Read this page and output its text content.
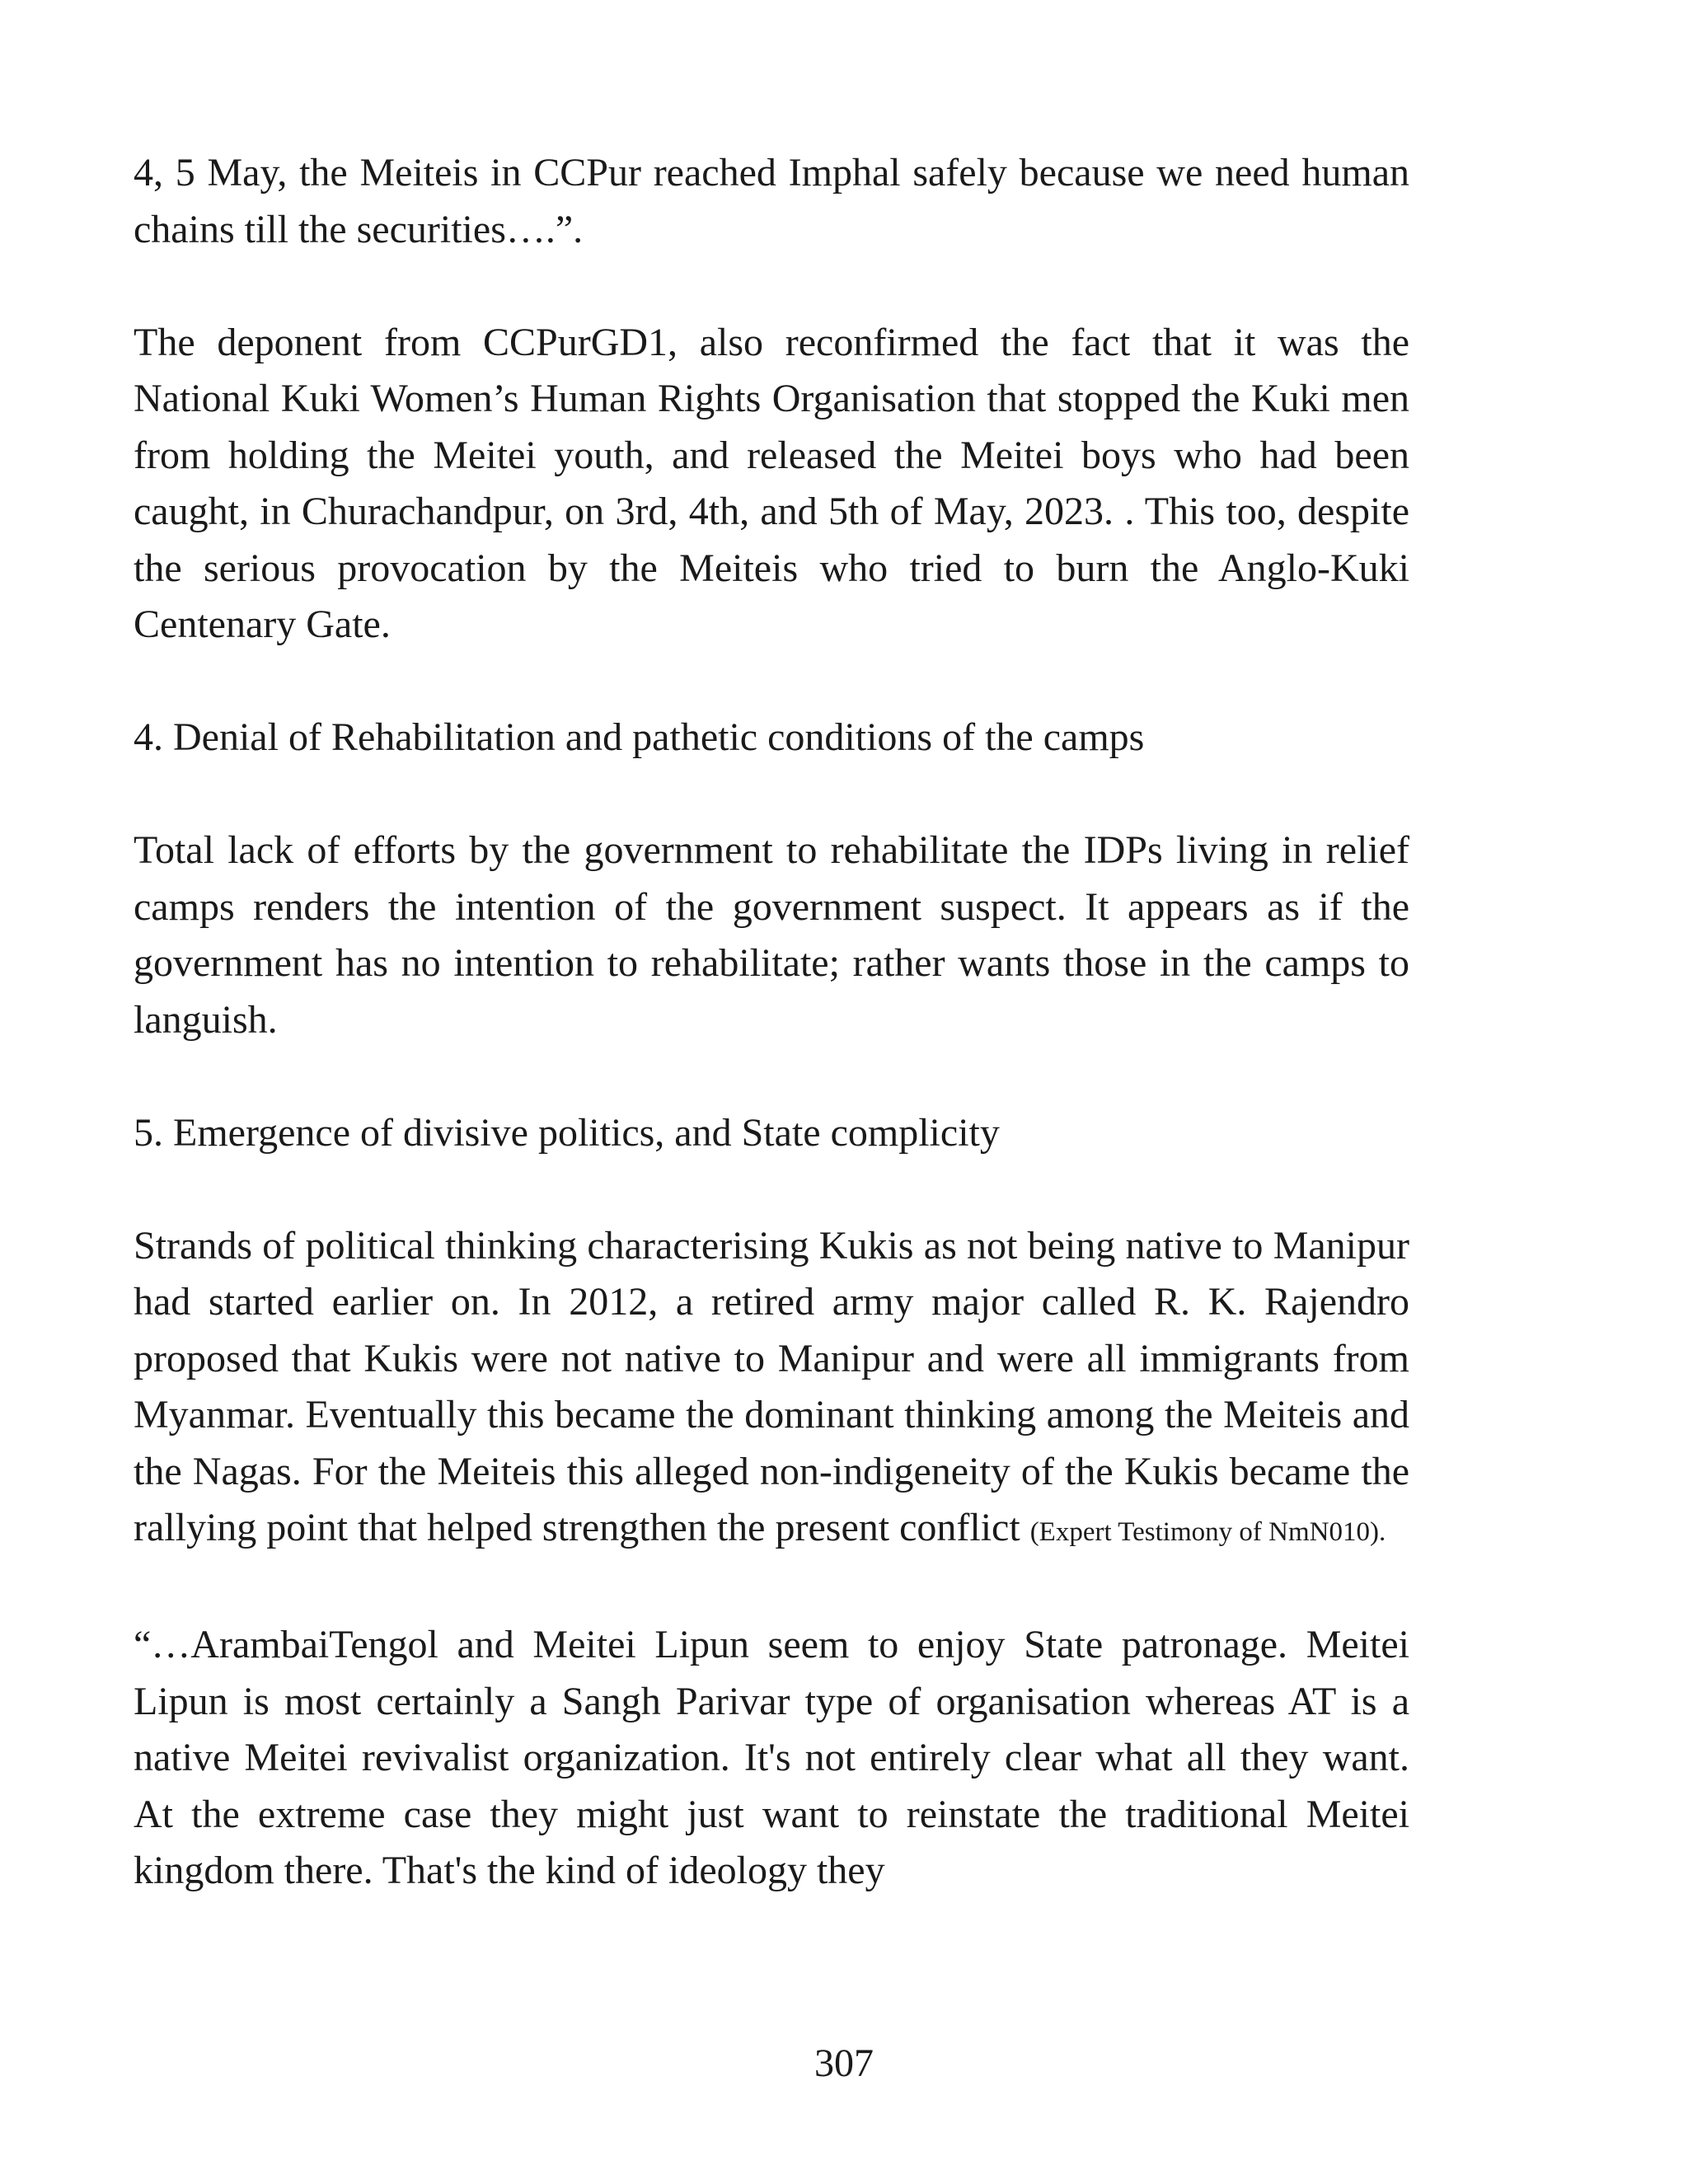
4, 5 May, the Meiteis in CCPur reached Imphal safely because we need human chains till the securities….”.

The deponent from CCPurGD1, also reconfirmed the fact that it was the National Kuki Women’s Human Rights Organisation that stopped the Kuki men from holding the Meitei youth, and released the Meitei boys who had been caught, in Churachandpur, on 3rd, 4th, and 5th of May, 2023. . This too, despite the serious provocation by the Meiteis who tried to burn the Anglo-Kuki Centenary Gate.

4. Denial of Rehabilitation and pathetic conditions of the camps

Total lack of efforts by the government to rehabilitate the IDPs living in relief camps renders the intention of the government suspect. It appears as if the government has no intention to rehabilitate; rather wants those in the camps to languish.

5. Emergence of divisive politics, and State complicity

Strands of political thinking characterising Kukis as not being native to Manipur had started earlier on. In 2012, a retired army major called R. K. Rajendro proposed that Kukis were not native to Manipur and were all immigrants from Myanmar. Eventually this became the dominant thinking among the Meiteis and the Nagas. For the Meiteis this alleged non-indigeneity of the Kukis became the rallying point that helped strengthen the present conflict (Expert Testimony of NmN010).

“…ArambaiTengol and Meitei Lipun seem to enjoy State patronage. Meitei Lipun is most certainly a Sangh Parivar type of organisation whereas AT is a native Meitei revivalist organization. It's not entirely clear what all they want. At the extreme case they might just want to reinstate the traditional Meitei kingdom there. That's the kind of ideology they

307
